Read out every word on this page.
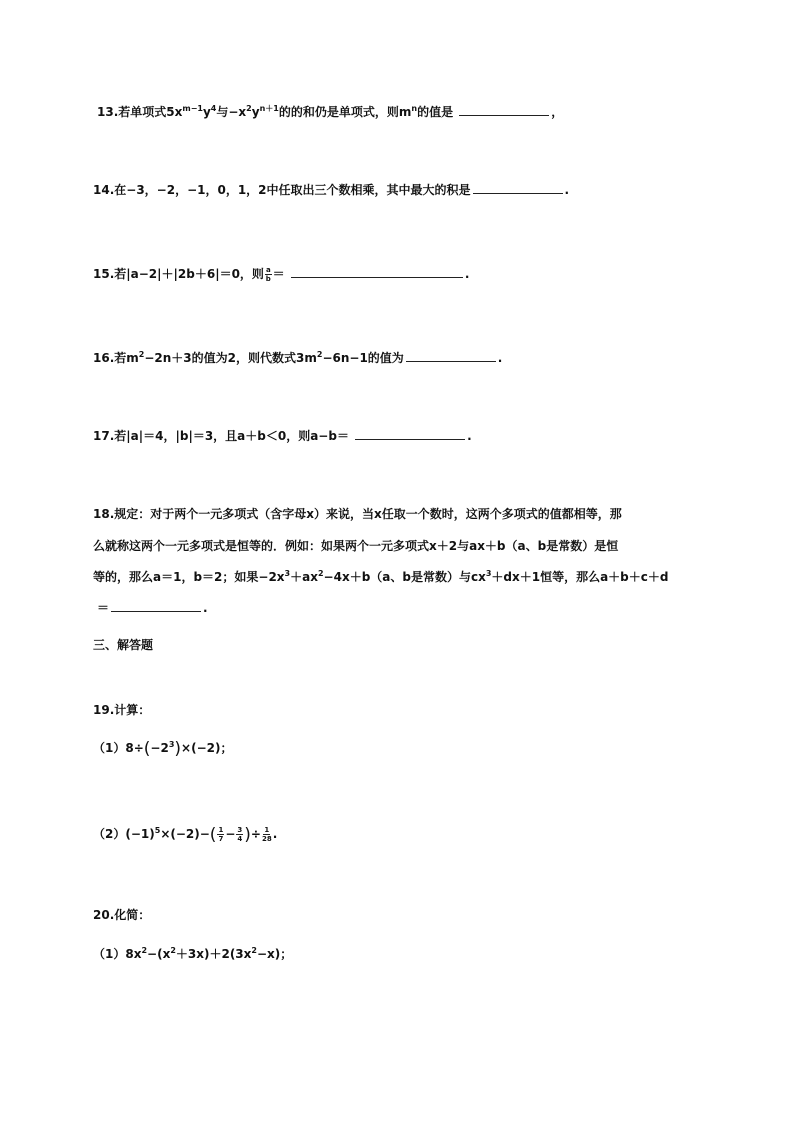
13.若单项式$5x^{m-1}y^4$与$-x^2y^{n+1}$的的和仍是单项式，则$m^n$的值是	，
14.在−3，−2，−1，0，1，2中任取出三个数相乘，其中最大的积是	.
15.若|a−2|＋|2b＋6|＝0，则 $\frac{a}{b}$ ＝	.
16.若$m^2-2n+3$的值为2，则代数式$3m^2-6n-1$的值为	.
17.若|a|＝4，|b|＝3，且a＋b＜0，则a−b＝	.
18.规定：对于两个一元多项式（含字母x）来说，当x任取一个数时，这两个多项式的值都相等，那
么就称这两个一元多项式是恒等的．例如：如果两个一元多项式x＋2与ax＋b（a、b是常数）是恒
等的，那么a＝1，b＝2；如果$-2x^3+ax^2-4x+b(a$、b是常数）与$cx^3+dx+1$恒等，那么a＋b＋c＋d
＝	.
三、解答题
19.计算：
$(1)8\div(-2^3)\times(-2)$；
$(2)(-1)^5\times(-2)-( \frac{1}{7} - \frac{3}{4}$ )÷ $\frac{1}{28}$ .
20.化简：
$(1)8x^2-(x^2+3x)+2(3x^2-x)$；
